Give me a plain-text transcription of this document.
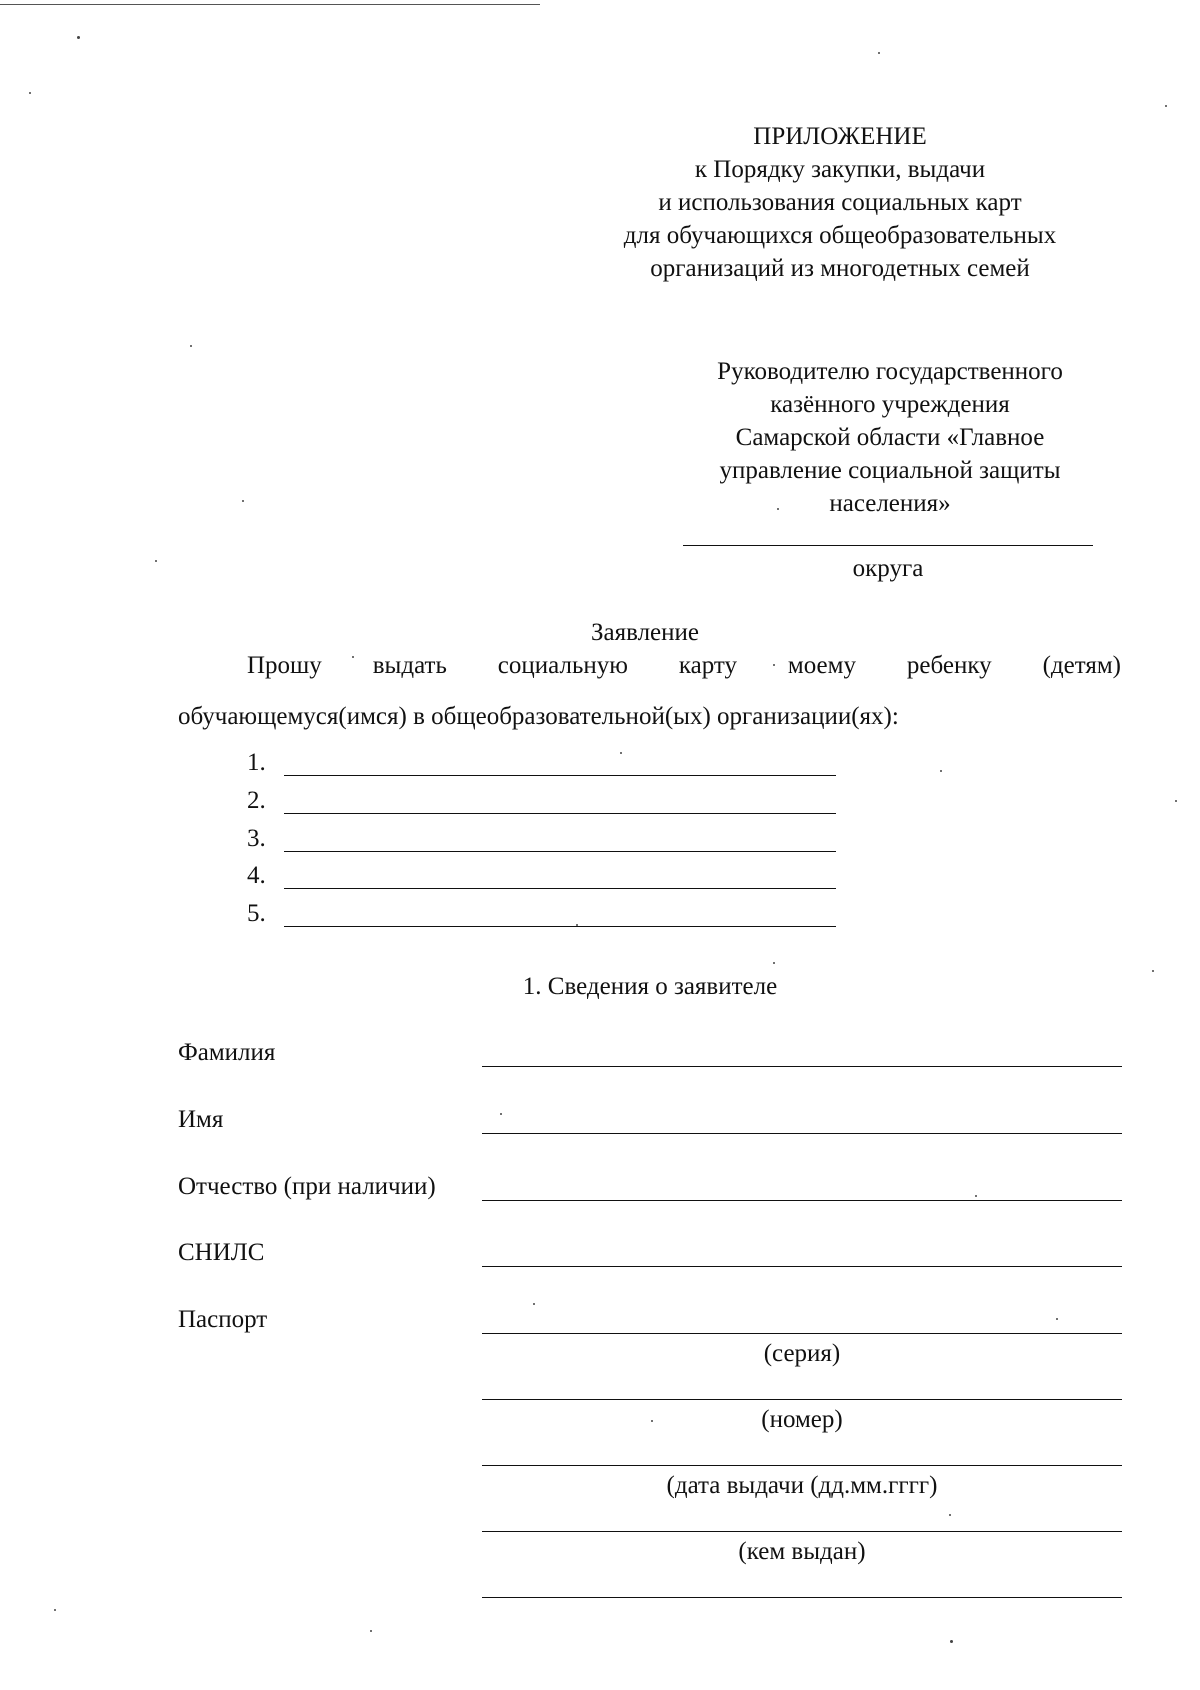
ПРИЛОЖЕНИЕ
к Порядку закупки, выдачи
и использования социальных карт
для обучающихся общеобразовательных
организаций из многодетных семей
Руководителю государственного
казённого учреждения
Самарской области «Главное
управление социальной защиты
населения»
округа
Заявление
Прошу выдать социальную карту моему ребенку (детям)
обучающемуся(имся) в общеобразовательной(ых) организации(ях):
1.
2.
3.
4.
5.
1. Сведения о заявителе
Фамилия
Имя
Отчество (при наличии)
СНИЛС
Паспорт
(серия)
(номер)
(дата выдачи (дд.мм.гггг)
(кем выдан)
